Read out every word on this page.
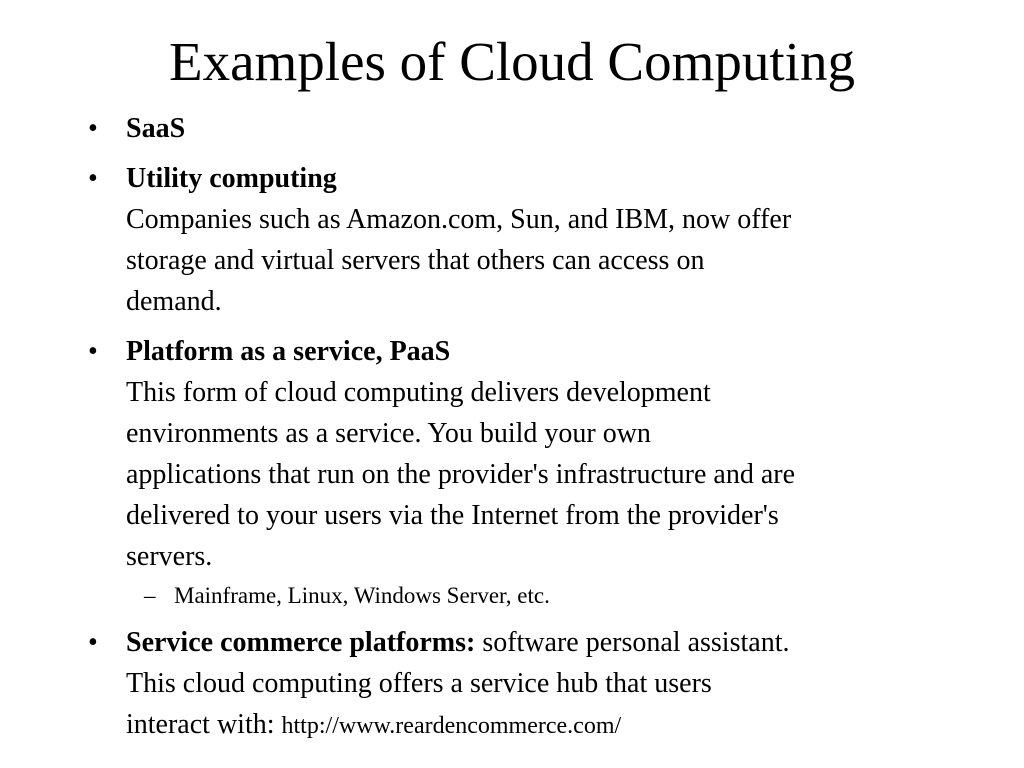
Examples of Cloud Computing
• SaaS
• Utility computing
Companies such as Amazon.com, Sun, and IBM, now offer
storage and virtual servers that others can access on
demand.
• Platform as a service, PaaS
This form of cloud computing delivers development
environments as a service. You build your own
applications that run on the provider's infrastructure and are
delivered to your users via the Internet from the provider's
servers.
– Mainframe, Linux, Windows Server, etc.
• Service commerce platforms: software personal assistant.
This cloud computing offers a service hub that users
interact with: http://www.reardencommerce.com/
